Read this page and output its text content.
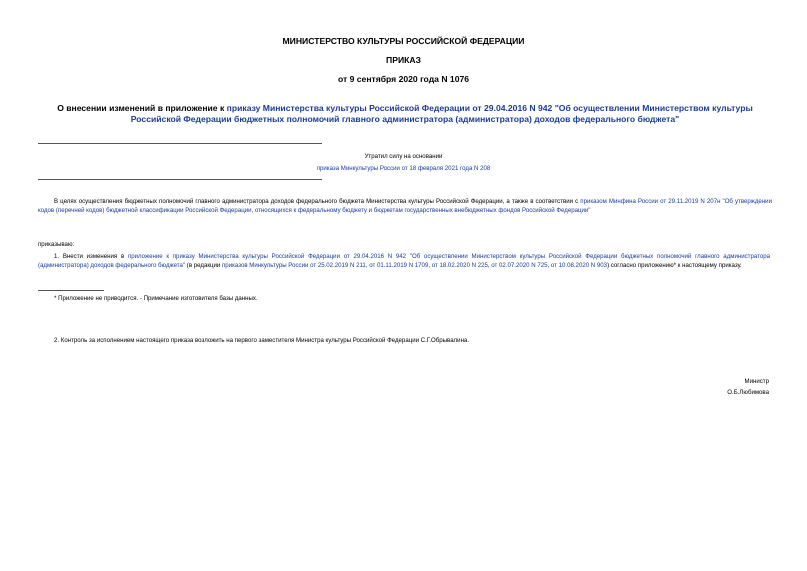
МИНИСТЕРСТВО КУЛЬТУРЫ РОССИЙСКОЙ ФЕДЕРАЦИИ
ПРИКАЗ
от 9 сентября 2020 года N 1076
О внесении изменений в приложение к приказу Министерства культуры Российской Федерации от 29.04.2016 N 942 "Об осуществлении Министерством культуры Российской Федерации бюджетных полномочий главного администратора (администратора) доходов федерального бюджета"
Утратил силу на основании
приказа Минкультуры России от 18 февраля 2021 года N 208
В целях осуществления бюджетных полномочий главного администратора доходов федерального бюджета Министерства культуры Российской Федерации, а также в соответствии с приказом Минфина России от 29.11.2019 N 207н "Об утверждении кодов (перечней кодов) бюджетной классификации Российской Федерации, относящихся к федеральному бюджету и бюджетам государственных внебюджетных фондов Российской Федерации"
приказываю:
1. Внести изменения в приложение к приказу Министерства культуры Российской Федерации от 29.04.2016 N 942 "Об осуществлении Министерством культуры Российской Федерации бюджетных полномочий главного администратора (администратора) доходов федерального бюджета" (в редакции приказов Минкультуры России от 25.02.2019 N 211, от 01.11.2019 N 1709, от 18.02.2020 N 225, от 02.07.2020 N 725, от 10.08.2020 N 903) согласно приложению* к настоящему приказу.
* Приложение не приводится. - Примечание изготовителя базы данных.
2. Контроль за исполнением настоящего приказа возложить на первого заместителя Министра культуры Российской Федерации С.Г.Обрывалина.
Министр
О.Б.Любимова
